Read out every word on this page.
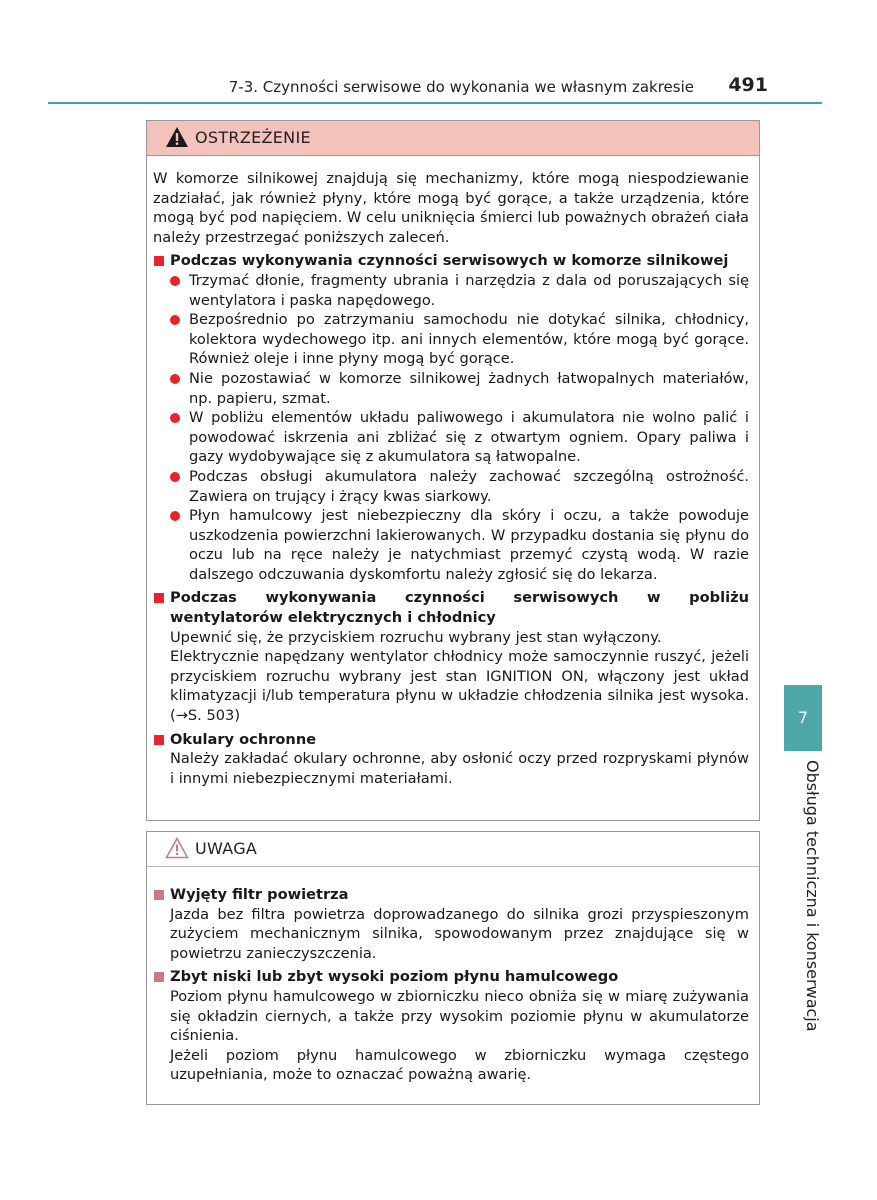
7-3. Czynności serwisowe do wykonania we własnym zakresie 491
7
Obsługa techniczna i konserwacja
OSTRZEŻENIE

W komorze silnikowej znajdują się mechanizmy, które mogą niespodziewanie zadziałać, jak również płyny, które mogą być gorące, a także urządzenia, które mogą być pod napięciem. W celu uniknięcia śmierci lub poważnych obrażeń ciała należy przestrzegać poniższych zaleceń.

Podczas wykonywania czynności serwisowych w komorze silnikowej
Trzymać dłonie, fragmenty ubrania i narzędzia z dala od poruszających się wentylatora i paska napędowego.
Bezpośrednio po zatrzymaniu samochodu nie dotykać silnika, chłodnicy, kolektora wydechowego itp. ani innych elementów, które mogą być gorące. Również oleje i inne płyny mogą być gorące.
Nie pozostawiać w komorze silnikowej żadnych łatwopalnych materiałów, np. papieru, szmat.
W pobliżu elementów układu paliwowego i akumulatora nie wolno palić i powodować iskrzenia ani zbliżać się z otwartym ogniem. Opary paliwa i gazy wydobywające się z akumulatora są łatwopalne.
Podczas obsługi akumulatora należy zachować szczególną ostrożność. Zawiera on trujący i żrący kwas siarkowy.
Płyn hamulcowy jest niebezpieczny dla skóry i oczu, a także powoduje uszkodzenia powierzchni lakierowanych. W przypadku dostania się płynu do oczu lub na ręce należy je natychmiast przemyć czystą wodą. W razie dalszego odczuwania dyskomfortu należy zgłosić się do lekarza.
Podczas wykonywania czynności serwisowych w pobliżu wentylatorów elektrycznych i chłodnicy

Upewnić się, że przyciskiem rozruchu wybrany jest stan wyłączony.

Elektrycznie napędzany wentylator chłodnicy może samoczynnie ruszyć, jeżeli przyciskiem rozruchu wybrany jest stan IGNITION ON, włączony jest układ klimatyzacji i/lub temperatura płynu w układzie chłodzenia silnika jest wysoka. (→S. 503)

Okulary ochronne

Należy zakładać okulary ochronne, aby osłonić oczy przed rozpryskami płynów i innymi niebezpiecznymi materiałami.

UWAGA
Wyjęty filtr powietrza

Jazda bez filtra powietrza doprowadzanego do silnika grozi przyspieszonym zużyciem mechanicznym silnika, spowodowanym przez znajdujące się w powietrzu zanieczyszczenia.

Zbyt niski lub zbyt wysoki poziom płynu hamulcowego

Poziom płynu hamulcowego w zbiorniczku nieco obniża się w miarę zużywania się okładzin ciernych, a także przy wysokim poziomie płynu w akumulatorze ciśnienia.

Jeżeli poziom płynu hamulcowego w zbiorniczku wymaga częstego uzupełniania, może to oznaczać poważną awarię.
